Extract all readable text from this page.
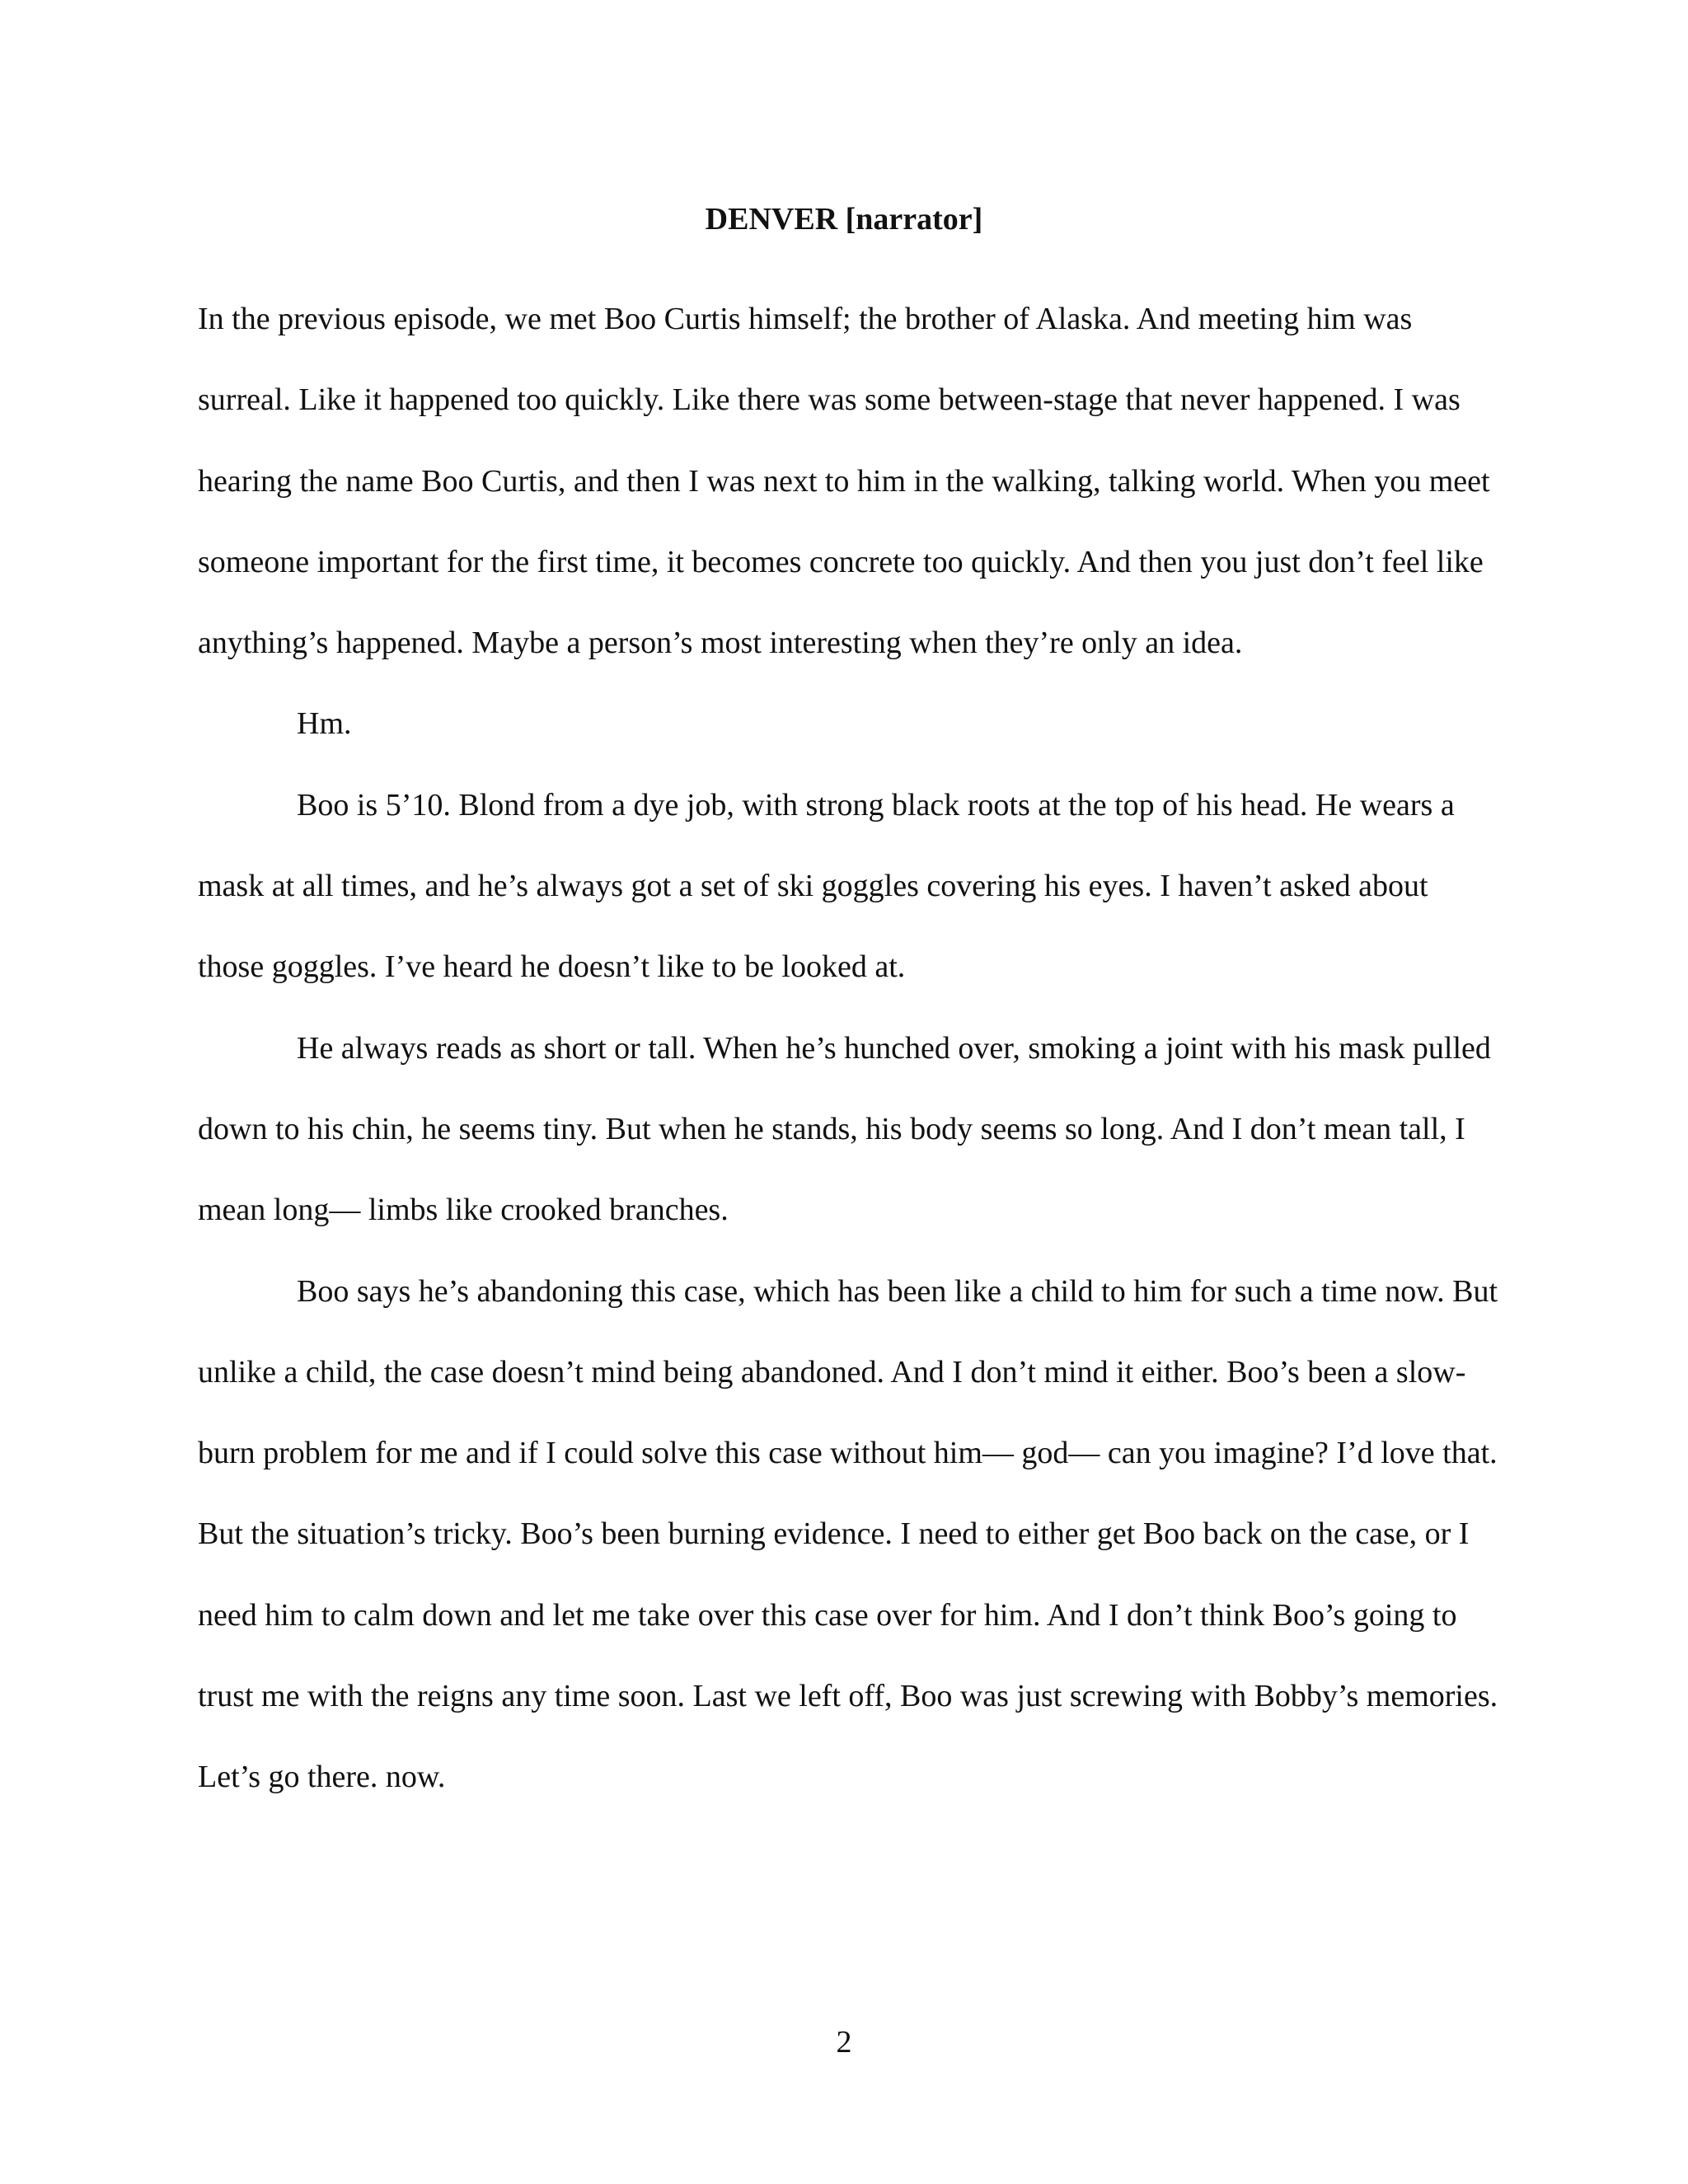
DENVER [narrator]

In the previous episode, we met Boo Curtis himself; the brother of Alaska. And meeting him was surreal. Like it happened too quickly. Like there was some between-stage that never happened. I was hearing the name Boo Curtis, and then I was next to him in the walking, talking world. When you meet someone important for the first time, it becomes concrete too quickly. And then you just don’t feel like anything’s happened. Maybe a person’s most interesting when they’re only an idea.

Hm.

Boo is 5’10. Blond from a dye job, with strong black roots at the top of his head. He wears a mask at all times, and he’s always got a set of ski goggles covering his eyes. I haven’t asked about those goggles. I’ve heard he doesn’t like to be looked at.

He always reads as short or tall. When he’s hunched over, smoking a joint with his mask pulled down to his chin, he seems tiny. But when he stands, his body seems so long. And I don’t mean tall, I mean long— limbs like crooked branches.

Boo says he’s abandoning this case, which has been like a child to him for such a time now. But unlike a child, the case doesn’t mind being abandoned. And I don’t mind it either. Boo’s been a slow-burn problem for me and if I could solve this case without him— god— can you imagine? I’d love that. But the situation’s tricky. Boo’s been burning evidence. I need to either get Boo back on the case, or I need him to calm down and let me take over this case over for him. And I don’t think Boo’s going to trust me with the reigns any time soon. Last we left off, Boo was just screwing with Bobby’s memories. Let’s go there. now.

2
